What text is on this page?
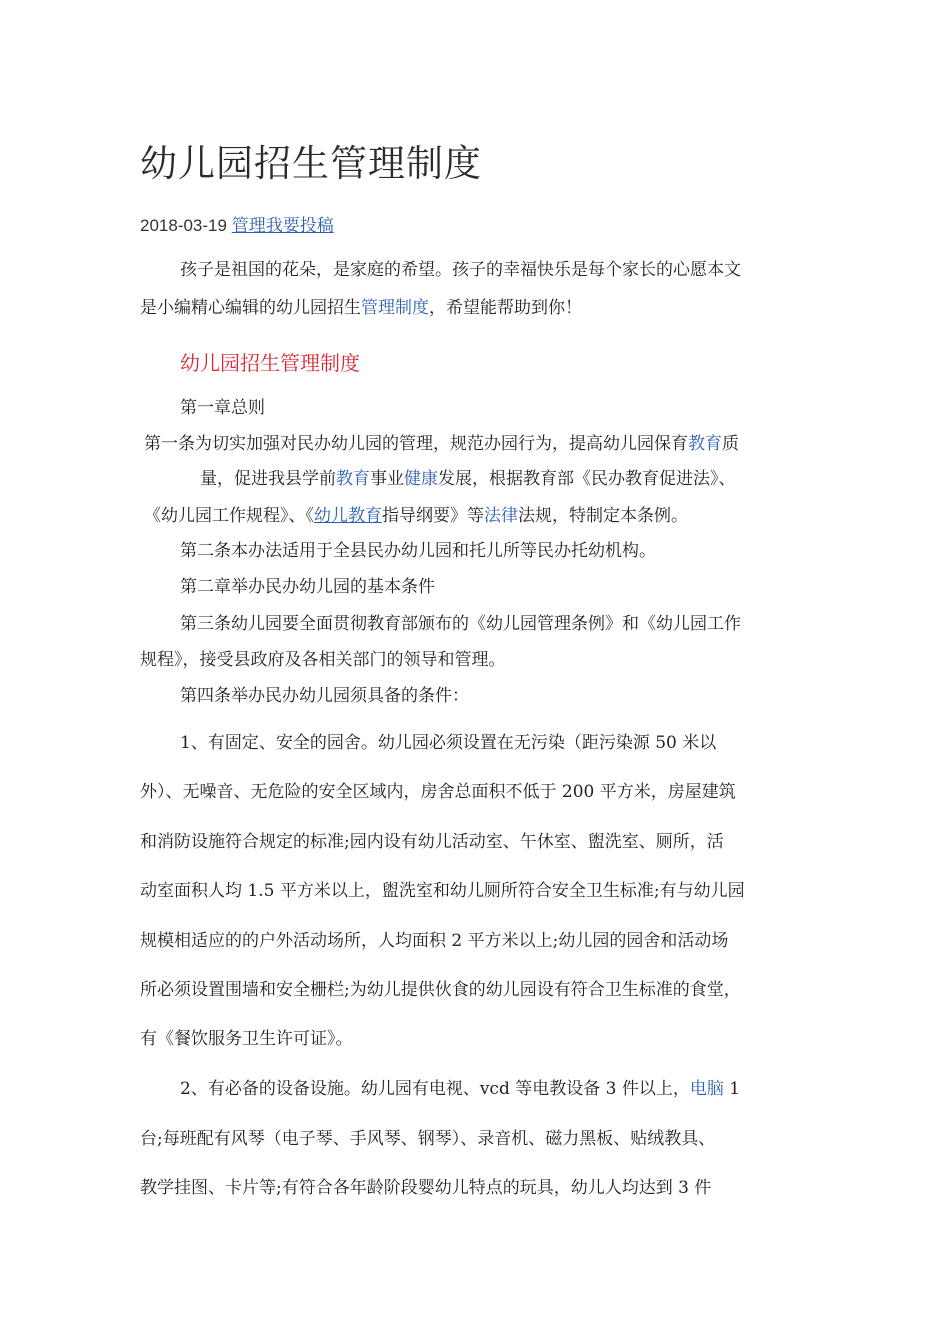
幼儿园招生管理制度
2018-03-19 管理我要投稿
孩子是祖国的花朵，是家庭的希望。孩子的幸福快乐是每个家长的心愿本文
是小编精心编辑的幼儿园招生管理制度，希望能帮助到你！
幼儿园招生管理制度
第一章总则
第一条为切实加强对民办幼儿园的管理，规范办园行为，提高幼儿园保育教育质
量，促进我县学前教育事业健康发展，根据教育部《民办教育促进法》、
《幼儿园工作规程》、《幼儿教育指导纲要》等法律法规，特制定本条例。
第二条本办法适用于全县民办幼儿园和托儿所等民办托幼机构。
第二章举办民办幼儿园的基本条件
第三条幼儿园要全面贯彻教育部颁布的《幼儿园管理条例》和《幼儿园工作
规程》，接受县政府及各相关部门的领导和管理。
第四条举办民办幼儿园须具备的条件：
1、有固定、安全的园舍。幼儿园必须设置在无污染（距污染源 50 米以
外）、无噪音、无危险的安全区域内，房舍总面积不低于 200 平方米，房屋建筑
和消防设施符合规定的标准;园内设有幼儿活动室、午休室、盥洗室、厕所，活
动室面积人均 1.5 平方米以上，盥洗室和幼儿厕所符合安全卫生标准;有与幼儿园
规模相适应的的户外活动场所，人均面积 2 平方米以上;幼儿园的园舍和活动场
所必须设置围墙和安全栅栏;为幼儿提供伙食的幼儿园设有符合卫生标准的食堂，
有《餐饮服务卫生许可证》。
2、有必备的设备设施。幼儿园有电视、vcd 等电教设备 3 件以上，电脑 1
台;每班配有风琴（电子琴、手风琴、钢琴）、录音机、磁力黑板、贴绒教具、
教学挂图、卡片等;有符合各年龄阶段婴幼儿特点的玩具，幼儿人均达到 3 件
